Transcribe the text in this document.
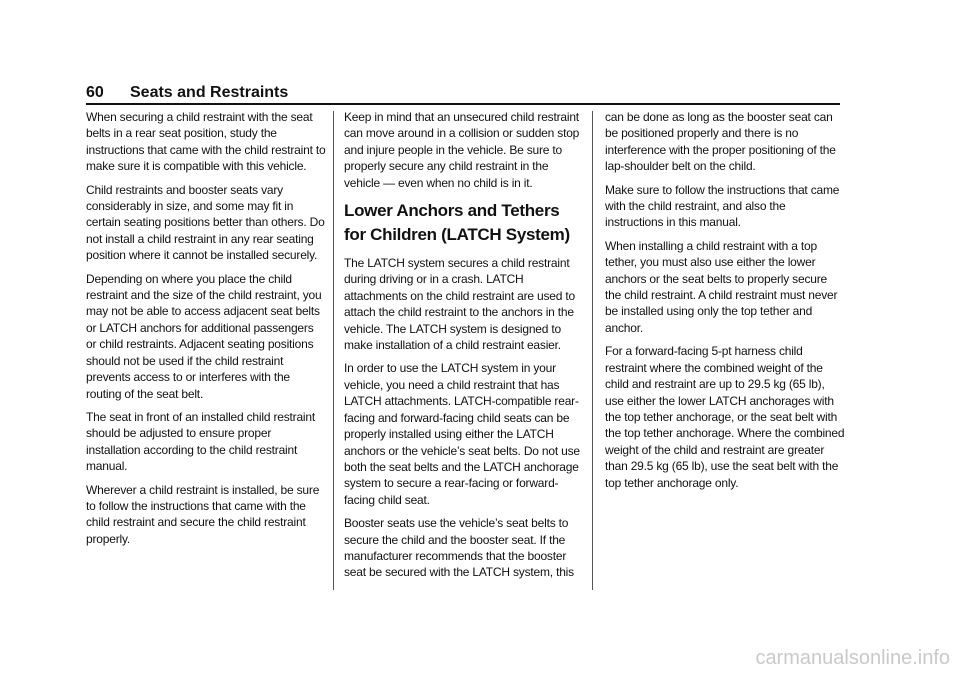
60 Seats and Restraints

When securing a child restraint with the seat belts in a rear seat position, study the instructions that came with the child restraint to make sure it is compatible with this vehicle.

Child restraints and booster seats vary considerably in size, and some may fit in certain seating positions better than others. Do not install a child restraint in any rear seating position where it cannot be installed securely.

Depending on where you place the child restraint and the size of the child restraint, you may not be able to access adjacent seat belts or LATCH anchors for additional passengers or child restraints. Adjacent seating positions should not be used if the child restraint prevents access to or interferes with the routing of the seat belt.

The seat in front of an installed child restraint should be adjusted to ensure proper installation according to the child restraint manual.

Wherever a child restraint is installed, be sure to follow the instructions that came with the child restraint and secure the child restraint properly.

Keep in mind that an unsecured child restraint can move around in a collision or sudden stop and injure people in the vehicle. Be sure to properly secure any child restraint in the vehicle — even when no child is in it.

Lower Anchors and Tethers for Children (LATCH System)

The LATCH system secures a child restraint during driving or in a crash. LATCH attachments on the child restraint are used to attach the child restraint to the anchors in the vehicle. The LATCH system is designed to make installation of a child restraint easier.

In order to use the LATCH system in your vehicle, you need a child restraint that has LATCH attachments. LATCH-compatible rear-facing and forward-facing child seats can be properly installed using either the LATCH anchors or the vehicle’s seat belts. Do not use both the seat belts and the LATCH anchorage system to secure a rear-facing or forward-facing child seat.

Booster seats use the vehicle’s seat belts to secure the child and the booster seat. If the manufacturer recommends that the booster seat be secured with the LATCH system, this

can be done as long as the booster seat can be positioned properly and there is no interference with the proper positioning of the lap-shoulder belt on the child.

Make sure to follow the instructions that came with the child restraint, and also the instructions in this manual.

When installing a child restraint with a top tether, you must also use either the lower anchors or the seat belts to properly secure the child restraint. A child restraint must never be installed using only the top tether and anchor.

For a forward-facing 5-pt harness child restraint where the combined weight of the child and restraint are up to 29.5 kg (65 lb), use either the lower LATCH anchorages with the top tether anchorage, or the seat belt with the top tether anchorage. Where the combined weight of the child and restraint are greater than 29.5 kg (65 lb), use the seat belt with the top tether anchorage only.

carmanualsonline.info
